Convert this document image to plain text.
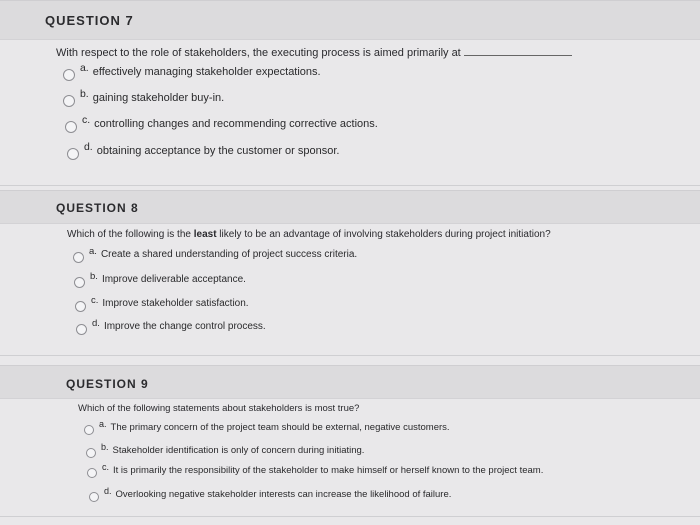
QUESTION 7
With respect to the role of stakeholders, the executing process is aimed primarily at
a. effectively managing stakeholder expectations.
b. gaining stakeholder buy-in.
c. controlling changes and recommending corrective actions.
d. obtaining acceptance by the customer or sponsor.
QUESTION 8
Which of the following is the least likely to be an advantage of involving stakeholders during project initiation?
a. Create a shared understanding of project success criteria.
b. Improve deliverable acceptance.
c. Improve stakeholder satisfaction.
d. Improve the change control process.
QUESTION 9
Which of the following statements about stakeholders is most true?
a. The primary concern of the project team should be external, negative customers.
b. Stakeholder identification is only of concern during initiating.
c. It is primarily the responsibility of the stakeholder to make himself or herself known to the project team.
d. Overlooking negative stakeholder interests can increase the likelihood of failure.
